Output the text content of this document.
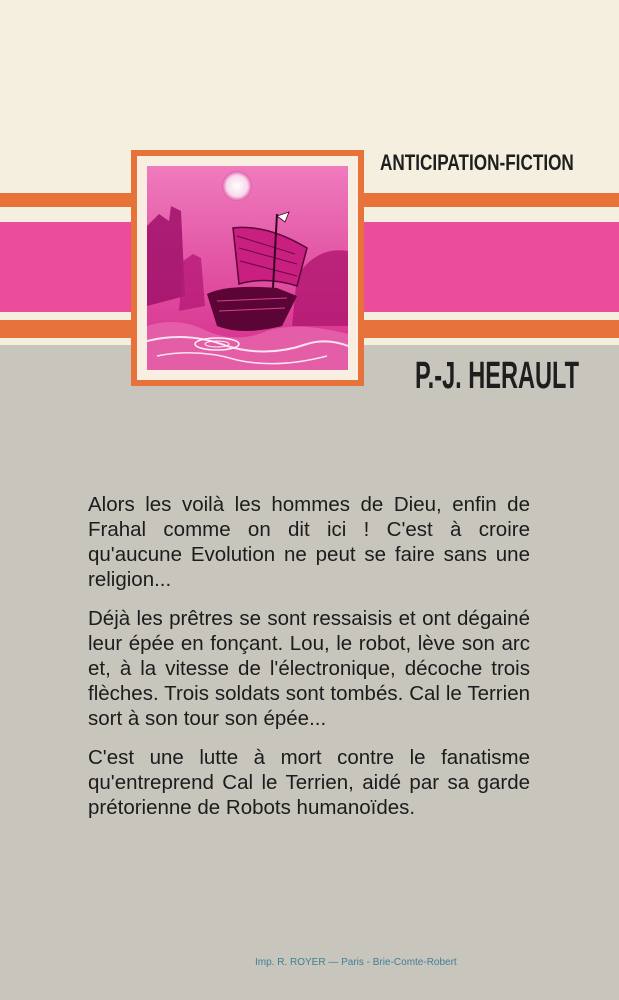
ANTICIPATION-FICTION
P.-J. HERAULT

Alors les voilà les hommes de Dieu, enfin de Frahal comme on dit ici ! C'est à croire qu'aucune Evolution ne peut se faire sans une religion...

Déjà les prêtres se sont ressaisis et ont dégainé leur épée en fonçant. Lou, le robot, lève son arc et, à la vitesse de l'électronique, décoche trois flèches. Trois soldats sont tombés. Cal le Terrien sort à son tour son épée...

C'est une lutte à mort contre le fanatisme qu'entreprend Cal le Terrien, aidé par sa garde prétorienne de Robots humanoïdes.

Imp. R. ROYER — Paris - Brie-Comte-Robert
